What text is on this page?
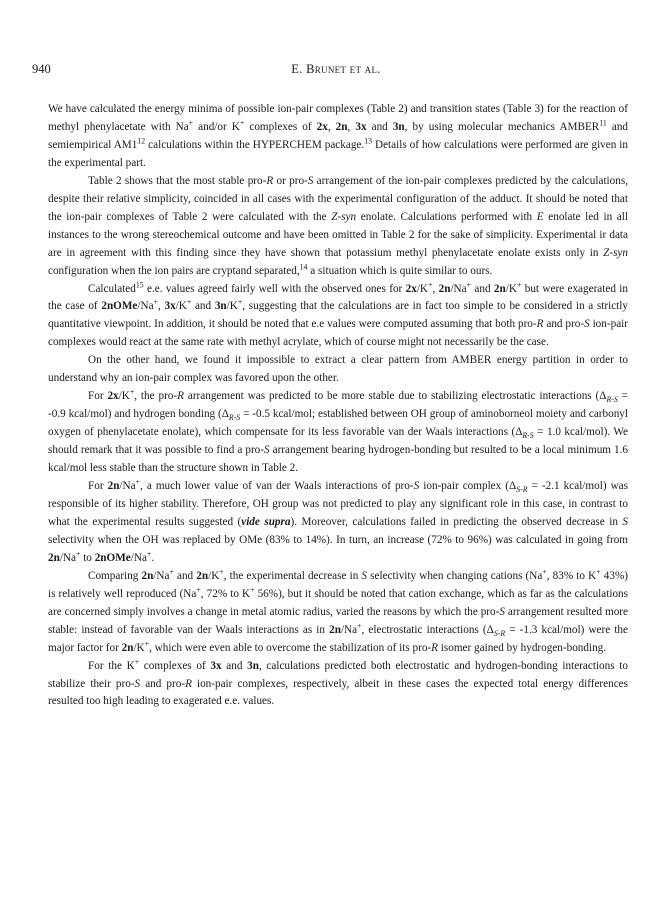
940	E. Brunet et al.

We have calculated the energy minima of possible ion-pair complexes (Table 2) and transition states (Table 3) for the reaction of methyl phenylacetate with Na+ and/or K+ complexes of 2x, 2n, 3x and 3n, by using molecular mechanics AMBER$^{11}$ and semiempirical $AM1^{12}$ calculations within the HYPERCHEM package.$^{13}$ Details of how calculations were performed are given in the experimental part.

Table 2 shows that the most stable pro-R or pro-S arrangement of the ion-pair complexes predicted by the calculations, despite their relative simplicity, coincided in all cases with the experimental configuration of the adduct. It should be noted that the ion-pair complexes of Table 2 were calculated with the Z-syn enolate. Calculations performed with E enolate led in all instances to the wrong stereochemical outcome and have been omitted in Table 2 for the sake of simplicity. Experimental ir data are in agreement with this finding since they have shown that potassium methyl phenylacetate enolate exists only in Z-syn configuration when the ion pairs are cryptand separated,$^{14}$ a situation which is quite similar to ours.

Calculated$^{15}$ e.e. values agreed fairly well with the observed ones for 2x/K+, 2n/Na+ and 2n/K+ but were exagerated in the case of 2nOMe/Na+, 3x/K+ and 3n/K+, suggesting that the calculations are in fact too simple to be considered in a strictly quantitative viewpoint. In addition, it should be noted that e.e values were computed assuming that both pro-R and pro-S ion-pair complexes would react at the same rate with methyl acrylate, which of course might not necessarily be the case.

On the other hand, we found it impossible to extract a clear pattern from AMBER energy partition in order to understand why an ion-pair complex was favored upon the other.

For 2x/K+, the pro-R arrangement was predicted to be more stable due to stabilizing electrostatic interactions ($\Delta_{R-S} = -0.9$ kcal/mol) and hydrogen bonding ($\Delta_{R-S} = -0.5$ kcal/mol; established between OH group of aminoborneol moiety and carbonyl oxygen of phenylacetate enolate), which compensate for its less favorable van der Waals interactions ($\Delta_{R-S} = 1.0$ kcal/mol). We should remark that it was possible to find a pro-S arrangement bearing hydrogen-bonding but resulted to be a local minimum 1.6 kcal/mol less stable than the structure shown in Table 2.

For 2n/Na+, a much lower value of van der Waals interactions of pro-S ion-pair complex ($\Delta_{S-R} = -2.1$ kcal/mol) was responsible of its higher stability. Therefore, OH group was not predicted to play any significant role in this case, in contrast to what the experimental results suggested (vide supra). Moreover, calculations failed in predicting the observed decrease in S selectivity when the OH was replaced by OMe (83% to 14%). In turn, an increase (72% to 96%) was calculated in going from 2n/Na+ to 2nOMe/Na+.

Comparing 2n/Na+ and 2n/K+, the experimental decrease in S selectivity when changing cations (Na+, 83% to K+ 43%) is relatively well reproduced (Na+, 72% to K+ 56%), but it should be noted that cation exchange, which as far as the calculations are concerned simply involves a change in metal atomic radius, varied the reasons by which the pro-S arrangement resulted more stable: instead of favorable van der Waals interactions as in 2n/Na+, electrostatic interactions ($\Delta_{S-R} = -1.3$ kcal/mol) were the major factor for 2n/K+, which were even able to overcome the stabilization of its pro-R isomer gained by hydrogen-bonding.

For the K+ complexes of 3x and 3n, calculations predicted both electrostatic and hydrogen-bonding interactions to stabilize their pro-S and pro-R ion-pair complexes, respectively, albeit in these cases the expected total energy differences resulted too high leading to exagerated e.e. values.
